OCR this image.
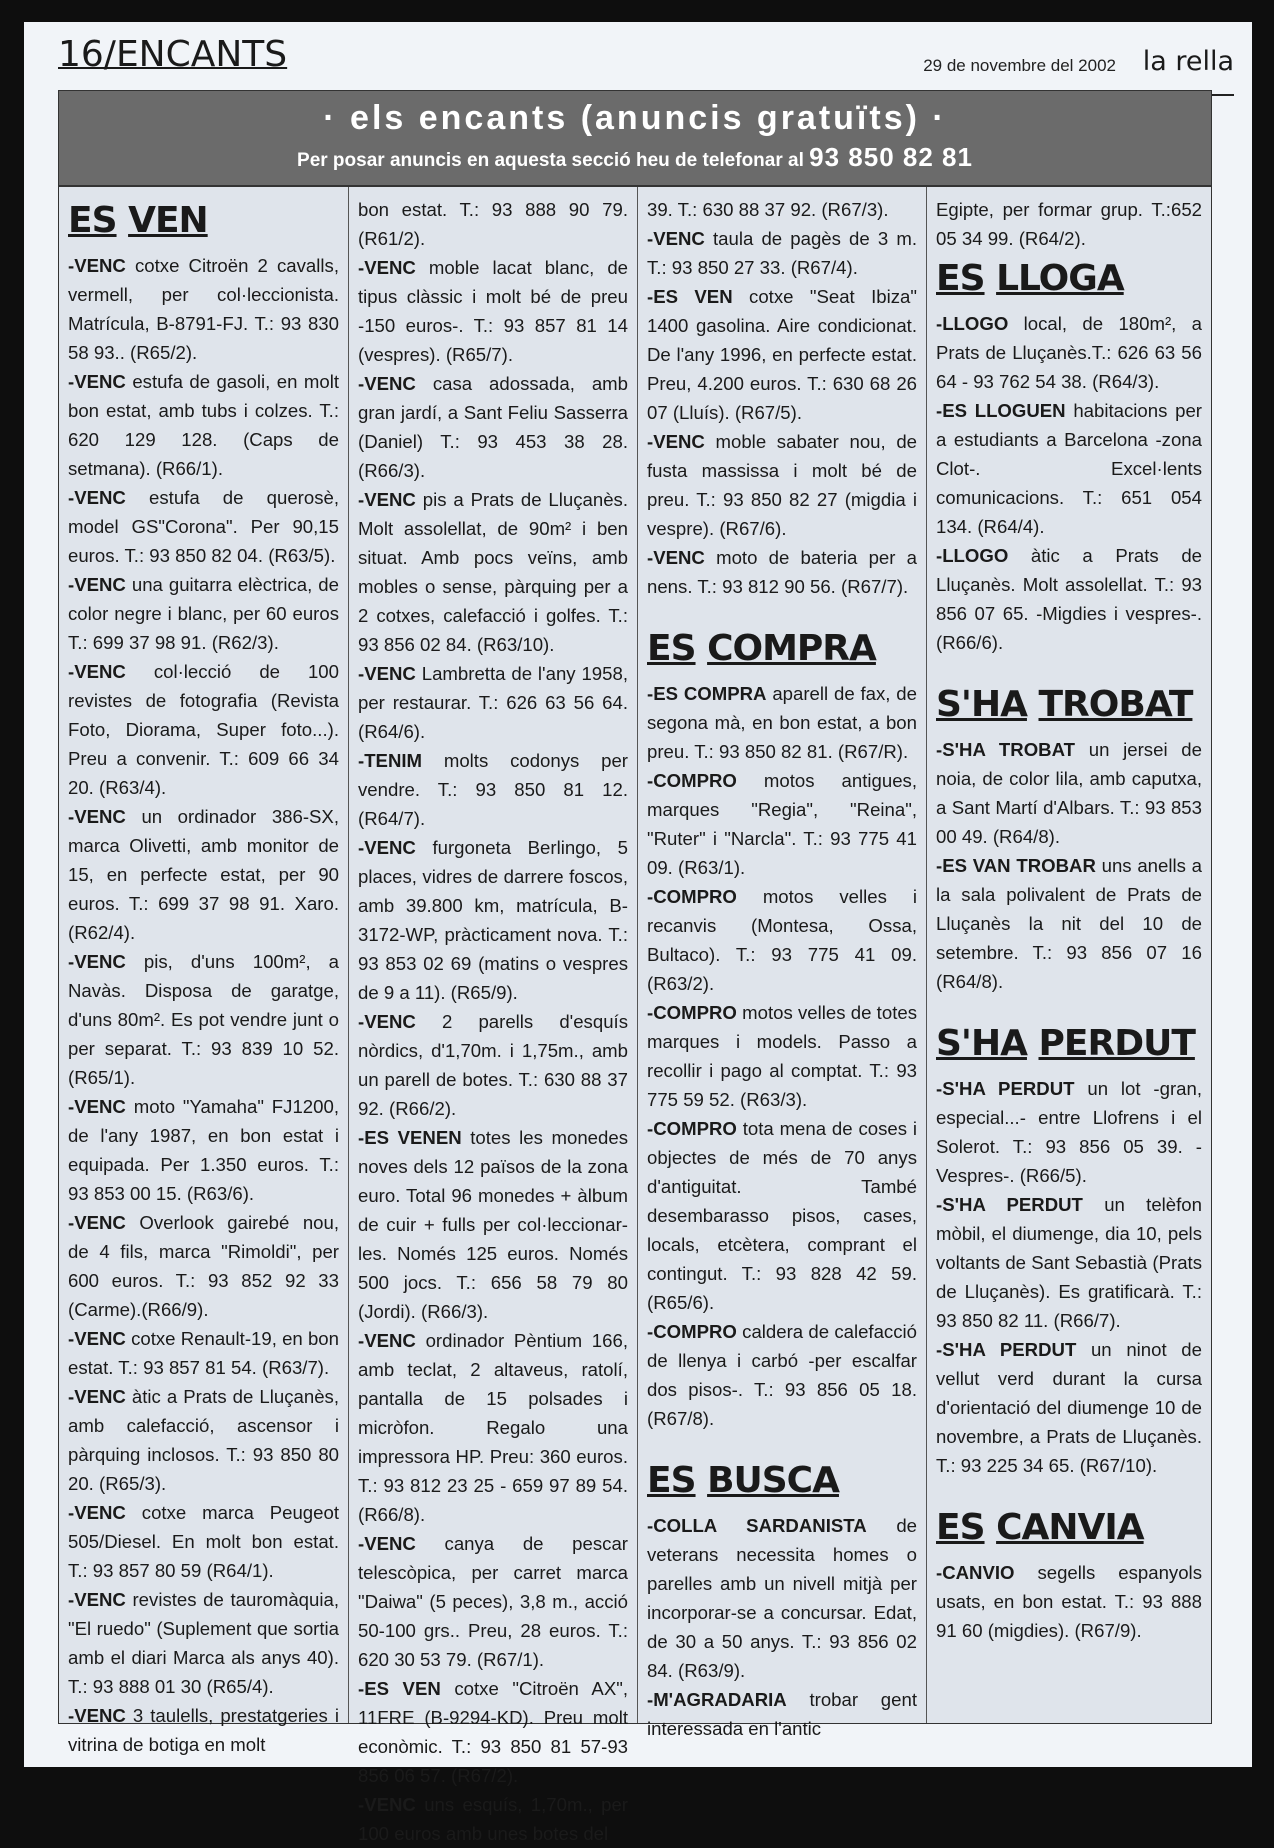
16/ENCANTS	29 de novembre del 2002 la rella
· els encants (anuncis gratuïts) ·
Per posar anuncis en aquesta secció heu de telefonar al 93 850 82 81
ES VEN

-VENC cotxe Citroën 2 cavalls, vermell, per col·leccionista. Matrícula, B-8791-FJ. T.: 93 830 58 93.. (R65/2).

-VENC estufa de gasoli, en molt bon estat, amb tubs i colzes. T.: 620 129 128. (Caps de setmana). (R66/1).

-VENC estufa de querosè, model GS"Corona". Per 90,15 euros. T.: 93 850 82 04. (R63/5).

-VENC una guitarra elèctrica, de color negre i blanc, per 60 euros T.: 699 37 98 91. (R62/3).

-VENC col·lecció de 100 revistes de fotografia (Revista Foto, Diorama, Super foto...). Preu a convenir. T.: 609 66 34 20. (R63/4).

-VENC un ordinador 386-SX, marca Olivetti, amb monitor de 15, en perfecte estat, per 90 euros. T.: 699 37 98 91. Xaro. (R62/4).

-VENC pis, d'uns 100m², a Navàs. Disposa de garatge, d'uns 80m². Es pot vendre junt o per separat. T.: 93 839 10 52. (R65/1).

-VENC moto "Yamaha" FJ1200, de l'any 1987, en bon estat i equipada. Per 1.350 euros. T.: 93 853 00 15. (R63/6).

-VENC Overlook gairebé nou, de 4 fils, marca "Rimoldi", per 600 euros. T.: 93 852 92 33 (Carme).(R66/9).

-VENC cotxe Renault-19, en bon estat. T.: 93 857 81 54. (R63/7).

-VENC àtic a Prats de Lluçanès, amb calefacció, ascensor i pàrquing inclosos. T.: 93 850 80 20. (R65/3).

-VENC cotxe marca Peugeot 505/Diesel. En molt bon estat. T.: 93 857 80 59 (R64/1).

-VENC revistes de tauromàquia, "El ruedo" (Suplement que sortia amb el diari Marca als anys 40). T.: 93 888 01 30 (R65/4).

-VENC 3 taulells, prestatgeries i vitrina de botiga en molt

bon estat. T.: 93 888 90 79. (R61/2).

-VENC moble lacat blanc, de tipus clàssic i molt bé de preu -150 euros-. T.: 93 857 81 14 (vespres). (R65/7).

-VENC casa adossada, amb gran jardí, a Sant Feliu Sasserra (Daniel) T.: 93 453 38 28. (R66/3).

-VENC pis a Prats de Lluçanès. Molt assolellat, de 90m² i ben situat. Amb pocs veïns, amb mobles o sense, pàrquing per a 2 cotxes, calefacció i golfes. T.: 93 856 02 84. (R63/10).

-VENC Lambretta de l'any 1958, per restaurar. T.: 626 63 56 64. (R64/6).

-TENIM molts codonys per vendre. T.: 93 850 81 12. (R64/7).

-VENC furgoneta Berlingo, 5 places, vidres de darrere foscos, amb 39.800 km, matrícula, B-3172-WP, pràcticament nova. T.: 93 853 02 69 (matins o vespres de 9 a 11). (R65/9).

-VENC 2 parells d'esquís nòrdics, d'1,70m. i 1,75m., amb un parell de botes. T.: 630 88 37 92. (R66/2).

-ES VENEN totes les monedes noves dels 12 països de la zona euro. Total 96 monedes + àlbum de cuir + fulls per col·leccionar-les. Només 125 euros. Només 500 jocs. T.: 656 58 79 80 (Jordi). (R66/3).

-VENC ordinador Pèntium 166, amb teclat, 2 altaveus, ratolí, pantalla de 15 polsades i micròfon. Regalo una impressora HP. Preu: 360 euros. T.: 93 812 23 25 - 659 97 89 54. (R66/8).

-VENC canya de pescar telescòpica, per carret marca "Daiwa" (5 peces), 3,8 m., acció 50-100 grs.. Preu, 28 euros. T.: 620 30 53 79. (R67/1).

-ES VEN cotxe "Citroën AX", 11FRE (B-9294-KD). Preu molt econòmic. T.: 93 850 81 57-93 856 06 57. (R67/2).

-VENC uns esquís, 1,70m., per 100 euros amb unes botes del

39. T.: 630 88 37 92. (R67/3).

-VENC taula de pagès de 3 m. T.: 93 850 27 33. (R67/4).

-ES VEN cotxe "Seat Ibiza" 1400 gasolina. Aire condicionat. De l'any 1996, en perfecte estat. Preu, 4.200 euros. T.: 630 68 26 07 (Lluís). (R67/5).

-VENC moble sabater nou, de fusta massissa i molt bé de preu. T.: 93 850 82 27 (migdia i vespre). (R67/6).

-VENC moto de bateria per a nens. T.: 93 812 90 56. (R67/7).

ES COMPRA

-ES COMPRA aparell de fax, de segona mà, en bon estat, a bon preu. T.: 93 850 82 81. (R67/R).

-COMPRO motos antigues, marques "Regia", "Reina", "Ruter" i "Narcla". T.: 93 775 41 09. (R63/1).

-COMPRO motos velles i recanvis (Montesa, Ossa, Bultaco). T.: 93 775 41 09.(R63/2).

-COMPRO motos velles de totes marques i models. Passo a recollir i pago al comptat. T.: 93 775 59 52. (R63/3).

-COMPRO tota mena de coses i objectes de més de 70 anys d'antiguitat. També desembarasso pisos, cases, locals, etcètera, comprant el contingut. T.: 93 828 42 59. (R65/6).

-COMPRO caldera de calefacció de llenya i carbó -per escalfar dos pisos-. T.: 93 856 05 18. (R67/8).

ES BUSCA

-COLLA SARDANISTA de veterans necessita homes o parelles amb un nivell mitjà per incorporar-se a concursar. Edat, de 30 a 50 anys. T.: 93 856 02 84. (R63/9).

-M'AGRADARIA trobar gent interessada en l'antic

Egipte, per formar grup. T.:652 05 34 99. (R64/2).

ES LLOGA

-LLOGO local, de 180m², a Prats de Lluçanès.T.: 626 63 56 64 - 93 762 54 38. (R64/3).

-ES LLOGUEN habitacions per a estudiants a Barcelona -zona Clot-. Excel·lents comunicacions. T.: 651 054 134. (R64/4).

-LLOGO àtic a Prats de Lluçanès. Molt assolellat. T.: 93 856 07 65. -Migdies i vespres-. (R66/6).

S'HA TROBAT

-S'HA TROBAT un jersei de noia, de color lila, amb caputxa, a Sant Martí d'Albars. T.: 93 853 00 49. (R64/8).

-ES VAN TROBAR uns anells a la sala polivalent de Prats de Lluçanès la nit del 10 de setembre. T.: 93 856 07 16 (R64/8).

S'HA PERDUT

-S'HA PERDUT un lot -gran, especial...- entre Llofrens i el Solerot. T.: 93 856 05 39. - Vespres-. (R66/5).

-S'HA PERDUT un telèfon mòbil, el diumenge, dia 10, pels voltants de Sant Sebastià (Prats de Lluçanès). Es gratificarà. T.: 93 850 82 11. (R66/7).

-S'HA PERDUT un ninot de vellut verd durant la cursa d'orientació del diumenge 10 de novembre, a Prats de Lluçanès. T.: 93 225 34 65. (R67/10).

ES CANVIA

-CANVIO segells espanyols usats, en bon estat. T.: 93 888 91 60 (migdies). (R67/9).
